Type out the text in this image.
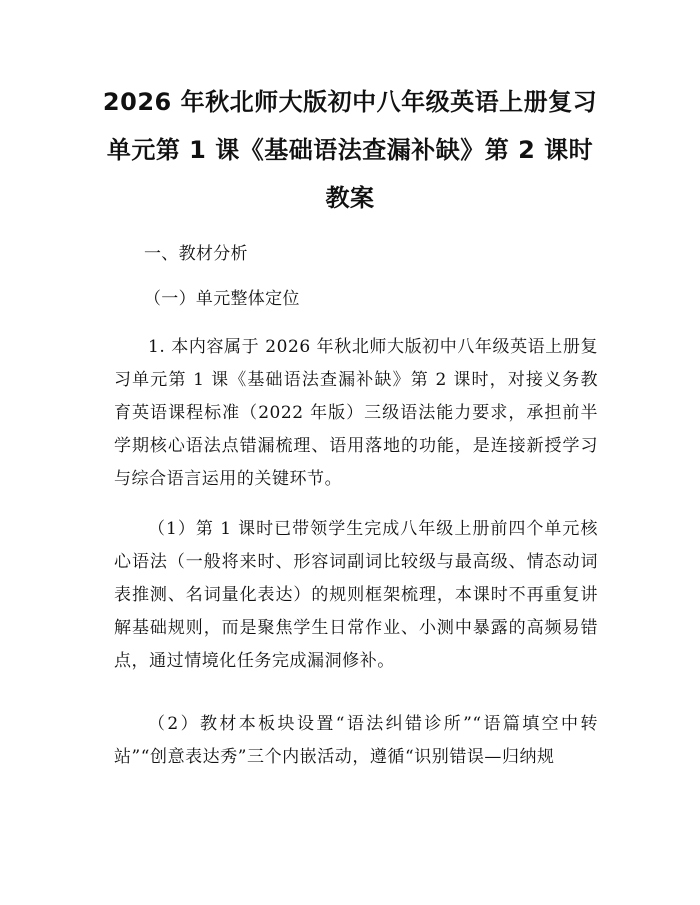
2026 年秋北师大版初中八年级英语上册复习
单元第 1 课《基础语法查漏补缺》第 2 课时
教案
一、教材分析
（一）单元整体定位
1. 本内容属于 2026 年秋北师大版初中八年级英语上册复习单元第 1 课《基础语法查漏补缺》第 2 课时，对接义务教育英语课程标准（2022 年版）三级语法能力要求，承担前半学期核心语法点错漏梳理、语用落地的功能，是连接新授学习与综合语言运用的关键环节。
（1）第 1 课时已带领学生完成八年级上册前四个单元核心语法（一般将来时、形容词副词比较级与最高级、情态动词表推测、名词量化表达）的规则框架梳理，本课时不再重复讲解基础规则，而是聚焦学生日常作业、小测中暴露的高频易错点，通过情境化任务完成漏洞修补。
（2）教材本板块设置“语法纠错诊所”“语篇填空中转站”“创意表达秀”三个内嵌活动，遵循“识别错误—归纳规
